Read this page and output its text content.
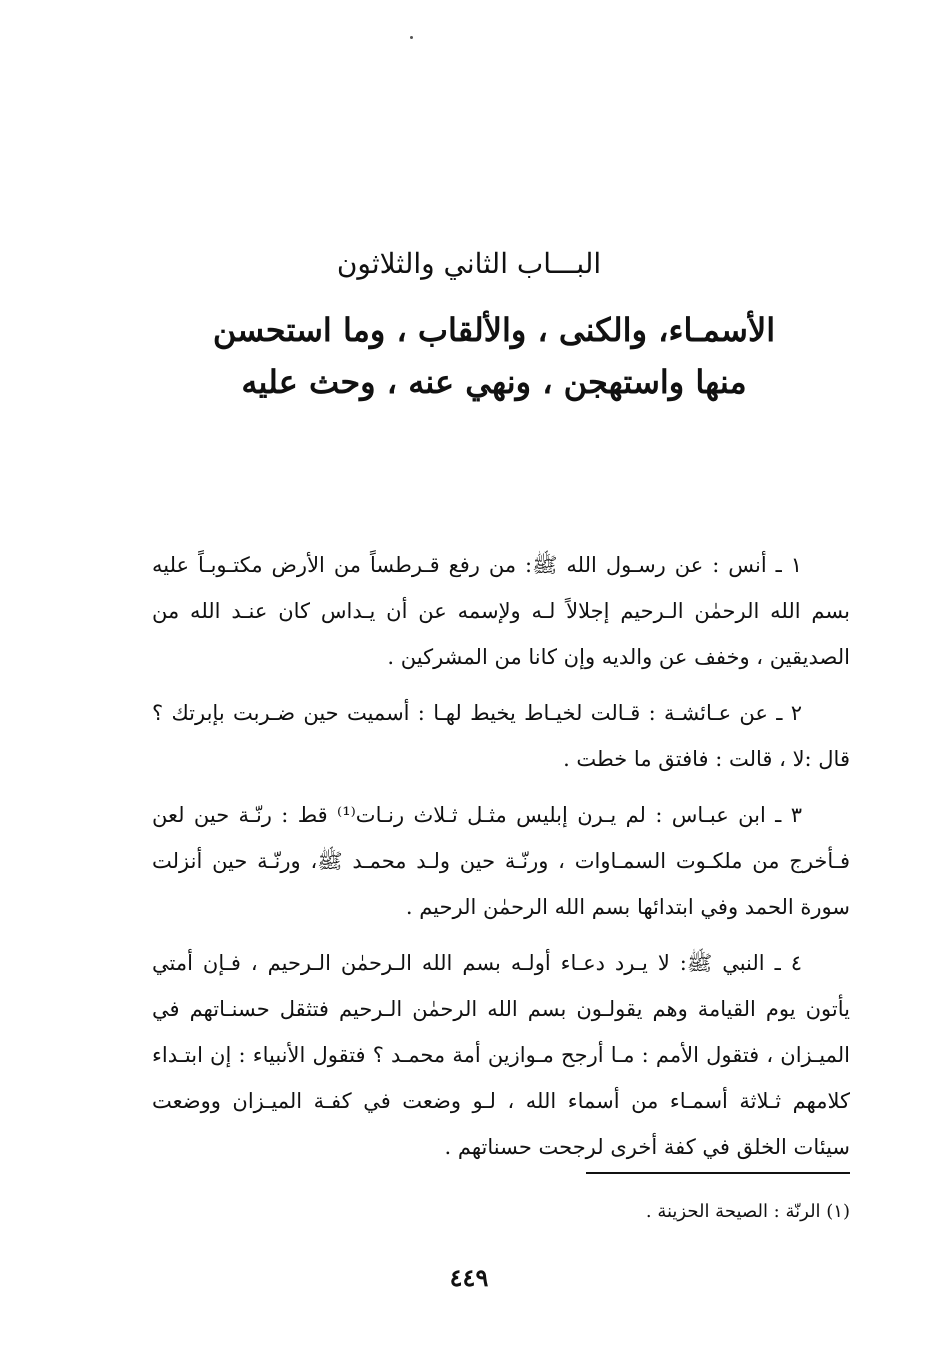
البـــاب الثاني والثلاثون
الأسمـاء، والكنى ، والألقاب ، وما استحسن
منها واستهجن ، ونهي عنه ، وحث عليه

١ ـ أنس : عن رسـول الله ﷺ: من رفع قـرطساً من الأرض مكتـوبـاً عليه بسم الله الرحمٰن الـرحيم إجلالاً لـه ولإسمه عن أن يـداس كان عنـد الله من الصديقين ، وخفف عن والديه وإن كانا من المشركين .

٢ ـ عن عـائشـة : قـالت لخيـاط يخيط لهـا : أسميت حين ضـربت بإبرتك ؟ قال :لا ، قالت : فافتق ما خطت .

٣ ـ ابن عبـاس : لم يـرن إبليس مثـل ثـلاث رنـات⁽¹⁾ قط : رنّـة حين لعن فـأخرج من ملكـوت السمـاوات ، ورنّـة حين ولـد محمـد ﷺ، ورنّـة حين أنزلت سورة الحمد وفي ابتدائها بسم الله الرحمٰن الرحيم .

٤ ـ النبي ﷺ: لا يـرد دعـاء أولـه بسم الله الـرحمٰن الـرحيم ، فـإن أمتي يأتون يوم القيامة وهم يقولـون بسم الله الرحمٰن الـرحيم فتثقل حسنـاتهم في الميـزان ، فتقول الأمم : مـا أرجح مـوازين أمة محمـد ؟ فتقول الأنبياء : إن ابتـداء كلامهم ثـلاثة أسمـاء من أسماء الله ، لـو وضعت في كفـة الميـزان ووضعت سيئات الخلق في كفة أخرى لرجحت حسناتهم .

(١) الرنّة : الصيحة الحزينة .
٤٤٩
